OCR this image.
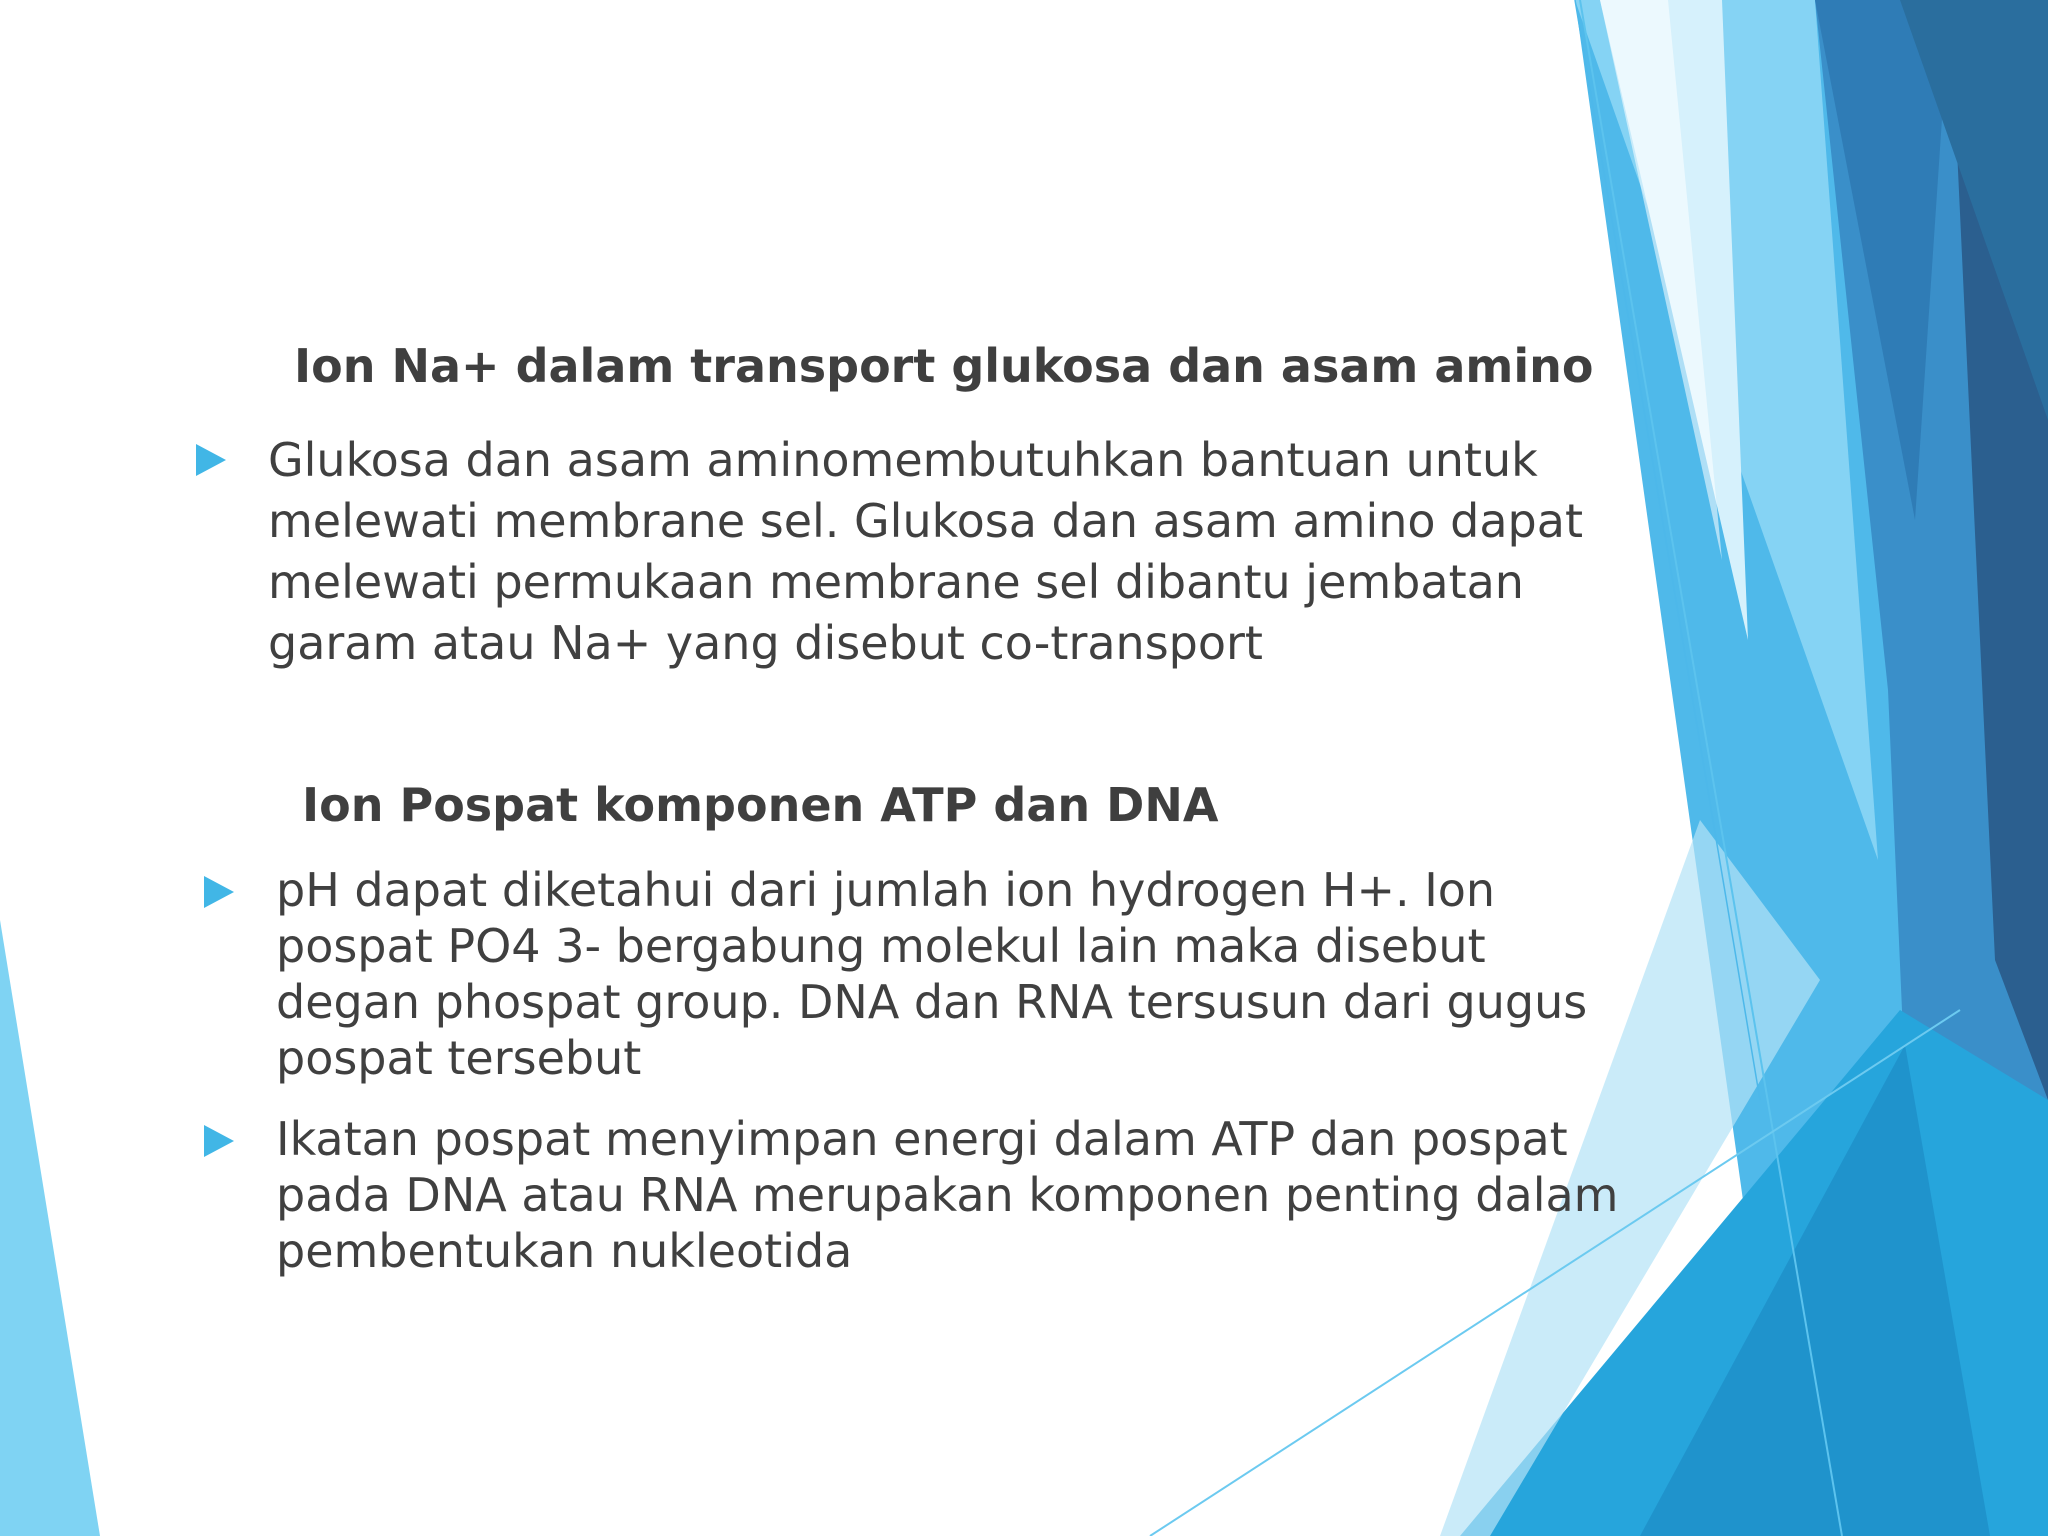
Ion Na+ dalam transport glukosa dan asam amino
Glukosa dan asam aminomembutuhkan bantuan untuk melewati membrane sel. Glukosa dan asam amino dapat melewati permukaan membrane sel dibantu jembatan garam atau Na+ yang disebut co-transport
Ion Pospat komponen ATP dan DNA
pH dapat diketahui dari jumlah ion hydrogen H+. Ion pospat PO4 3- bergabung molekul lain maka disebut degan phospat group. DNA dan RNA tersusun dari gugus pospat tersebut
Ikatan pospat menyimpan energi dalam ATP dan pospat pada DNA atau RNA merupakan komponen penting dalam pembentukan nukleotida
